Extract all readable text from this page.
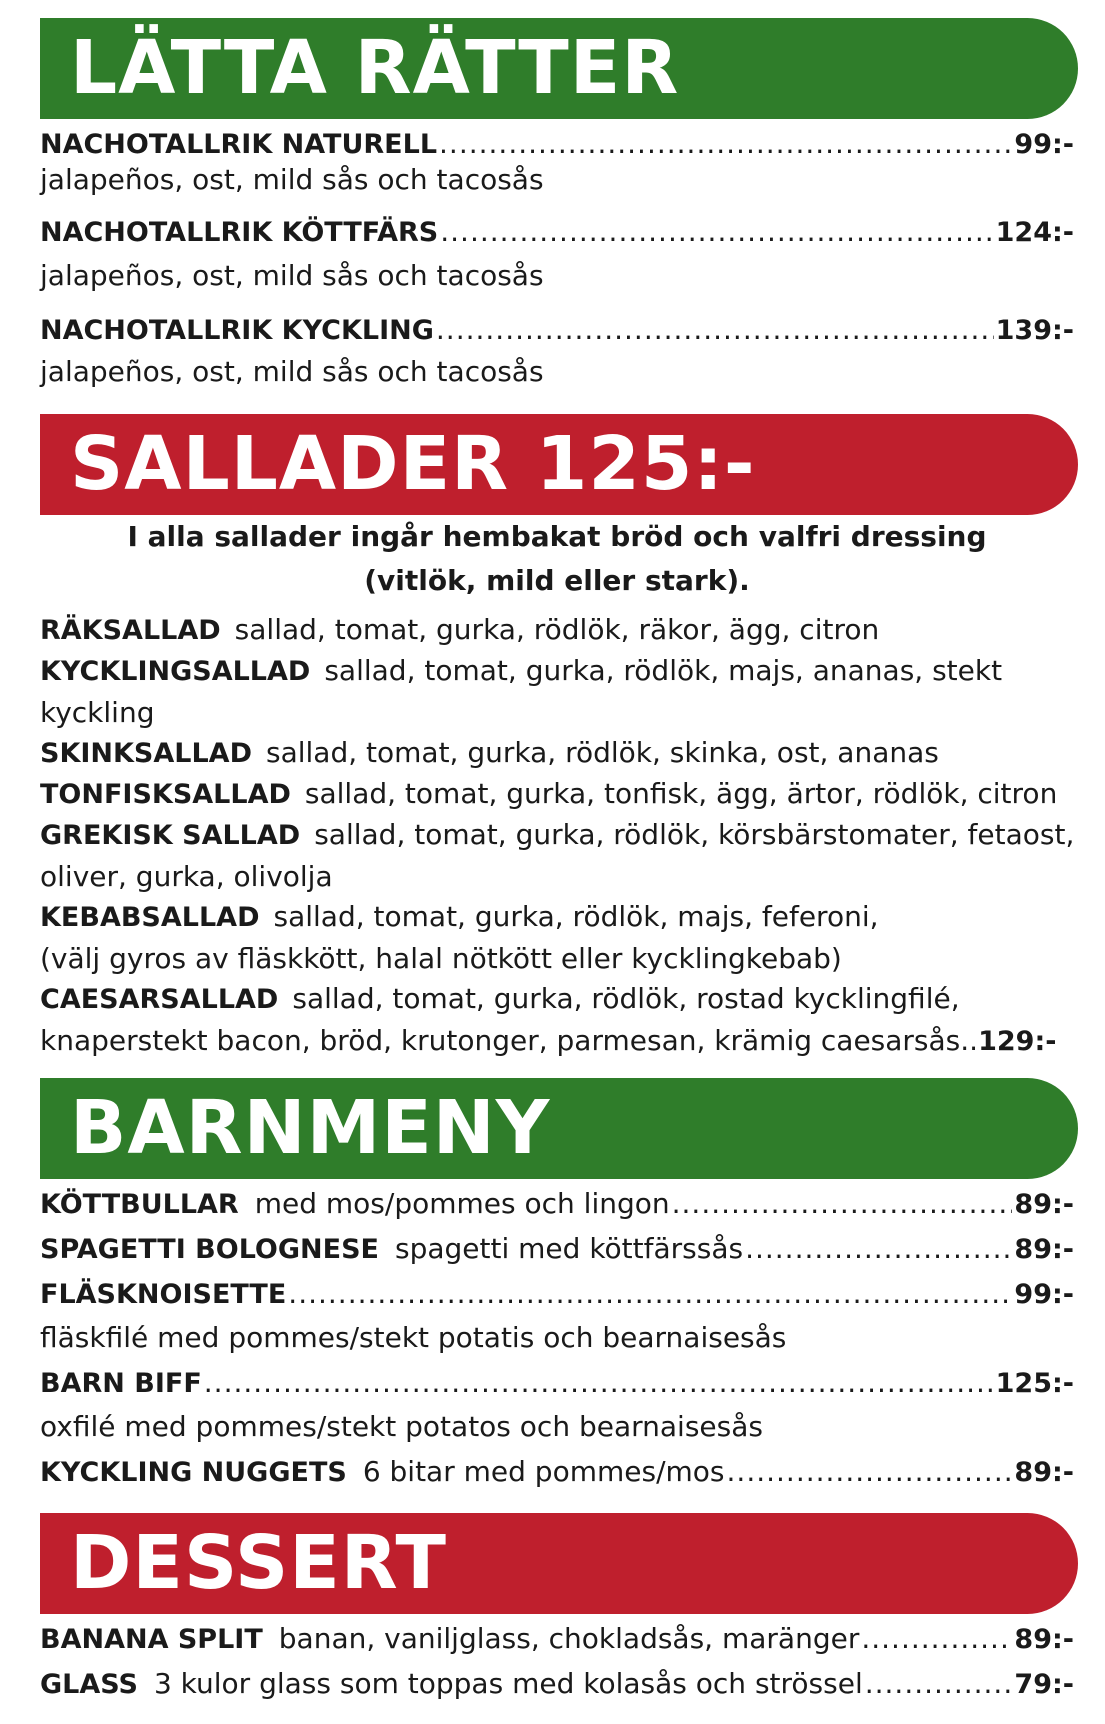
LÄTTA RÄTTER
NACHOTALLRIK NATURELL .....	99:-
jalapeños, ost, mild sås och tacosås
NACHOTALLRIK KÖTTFÄRS .....	124:-
jalapeños, ost, mild sås och tacosås
NACHOTALLRIK KYCKLING .....	139:-
jalapeños, ost, mild sås och tacosås
SALLADER 125:-
I alla sallader ingår hembakat bröd och valfri dressing
(vitlök, mild eller stark).
RÄKSALLAD sallad, tomat, gurka, rödlök, räkor, ägg, citron
KYCKLINGSALLAD sallad, tomat, gurka, rödlök, majs, ananas, stekt kyckling
SKINKSALLAD sallad, tomat, gurka, rödlök, skinka, ost, ananas
TONFISKSALLAD sallad, tomat, gurka, tonfisk, ägg, ärtor, rödlök, citron
GREKISK SALLAD sallad, tomat, gurka, rödlök, körsbärstomater, fetaost, oliver, gurka, olivolja
KEBABSALLAD sallad, tomat, gurka, rödlök, majs, feferoni,
(välj gyros av fläskkött, halal nötkött eller kycklingkebab)
CAESARSALLAD sallad, tomat, gurka, rödlök, rostad kycklingfilé, knaperstekt bacon, bröd, krutonger, parmesan, krämig caesarsås..129:-
BARNMENY
KÖTTBULLAR med mos/pommes och lingon .....	89:-
SPAGETTI BOLOGNESE spagetti med köttfärssås .....	89:-
FLÄSKNOISETTE .....	99:-
fläskfilé med pommes/stekt potatis och bearnaisesås
BARN BIFF .....	125:-
oxfilé med pommes/stekt potatos och bearnaisesås
KYCKLING NUGGETS 6 bitar med pommes/mos .....	89:-
DESSERT
BANANA SPLIT banan, vaniljglass, chokladsås, maränger .....	89:-
GLASS 3 kulor glass som toppas med kolasås och strössel .....	79:-
